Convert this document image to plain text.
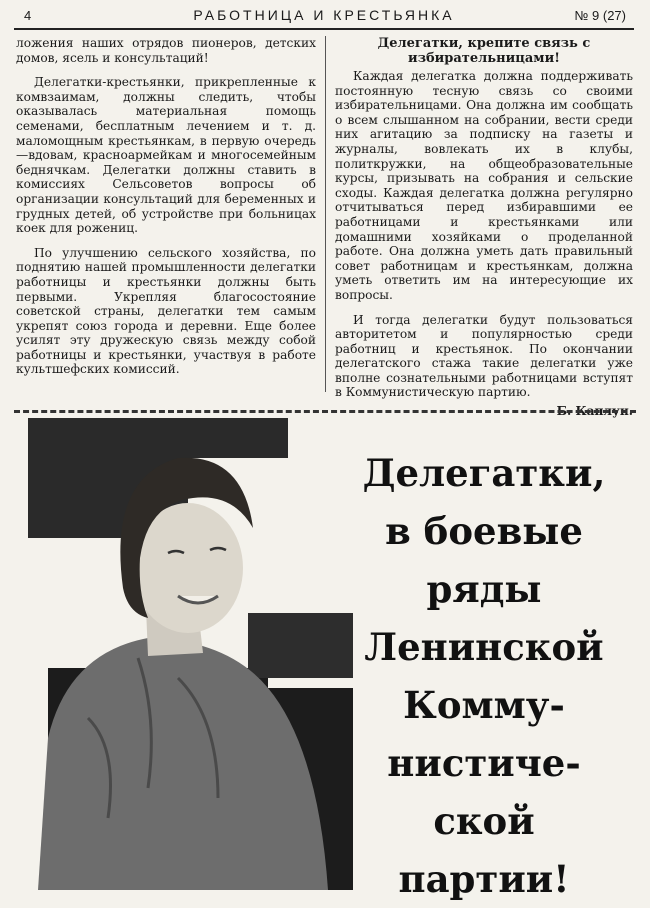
4	РАБОТНИЦА И КРЕСТЬЯНКА	№ 9 (27)

ложения наших отрядов пионеров, детских домов, ясель и консультаций!

Делегатки-крестьянки, прикрепленные к комвзаимам, должны следить, чтобы оказывалась материальная помощь семенами, бесплатным лечением и т. д. маломощным крестьянкам, в первую очередь—вдовам, красноармейкам и многосемейным беднячкам. Делегатки должны ставить в комиссиях Сельсоветов вопросы об организации консультаций для беременных и грудных детей, об устройстве при больницах коек для рожениц.

По улучшению сельского хозяйства, по поднятию нашей промышленности делегатки работницы и крестьянки должны быть первыми. Укрепляя благосостояние советской страны, делегатки тем самым укрепят союз города и деревни. Еще более усилят эту дружескую связь между собой работницы и крестьянки, участвуя в работе культшефских комиссий.

Делегатки, крепите связь с избирательницами!

Каждая делегатка должна поддерживать постоянную тесную связь со своими избирательницами. Она должна им сообщать о всем слышанном на собрании, вести среди них агитацию за подписку на газеты и журналы, вовлекать их в клубы, политкружки, на общеобразовательные курсы, призывать на собрания и сельские сходы. Каждая делегатка должна регулярно отчитываться перед избиравшими ее работницами и крестьянками или домашними хозяйками о проделанной работе. Она должна уметь дать правильный совет работницам и крестьянкам, должна уметь ответить им на интересующие их вопросы.

И тогда делегатки будут пользоваться авторитетом и популярностью среди работниц и крестьянок. По окончании делегатского стажа такие делегатки уже вполне сознательными работницами вступят в Коммунистическую партию.

Б. Каплун.
Делегатки,
в боевые
ряды
Ленинской
Комму-
нистиче-
ской
партии!
